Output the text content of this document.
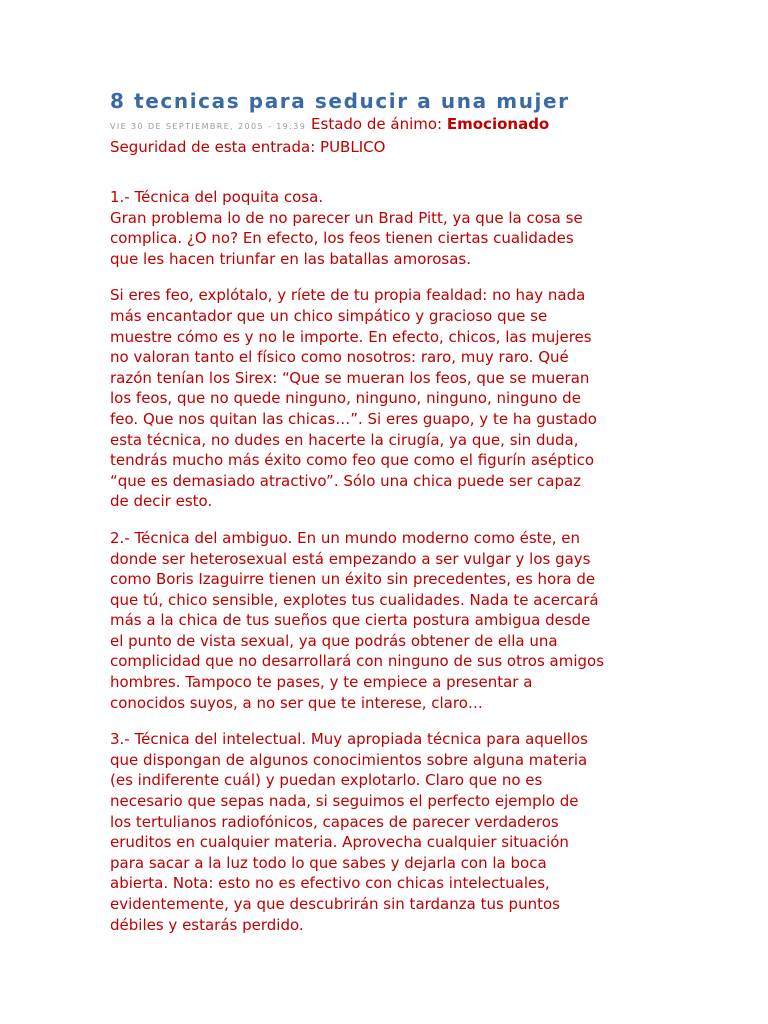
8 tecnicas para seducir a una mujer
VIE 30 DE SEPTIEMBRE, 2005 - 19:39 Estado de ánimo: Emocionado
Seguridad de esta entrada: PUBLICO
1.- Técnica del poquita cosa.
Gran problema lo de no parecer un Brad Pitt, ya que la cosa se
complica. ¿O no? En efecto, los feos tienen ciertas cualidades
que les hacen triunfar en las batallas amorosas.
Si eres feo, explótalo, y ríete de tu propia fealdad: no hay nada
más encantador que un chico simpático y gracioso que se
muestre cómo es y no le importe. En efecto, chicos, las mujeres
no valoran tanto el físico como nosotros: raro, muy raro. Qué
razón tenían los Sirex: “Que se mueran los feos, que se mueran
los feos, que no quede ninguno, ninguno, ninguno, ninguno de
feo. Que nos quitan las chicas…”. Si eres guapo, y te ha gustado
esta técnica, no dudes en hacerte la cirugía, ya que, sin duda,
tendrás mucho más éxito como feo que como el figurín aséptico
“que es demasiado atractivo”. Sólo una chica puede ser capaz
de decir esto.
2.- Técnica del ambiguo. En un mundo moderno como éste, en
donde ser heterosexual está empezando a ser vulgar y los gays
como Boris Izaguirre tienen un éxito sin precedentes, es hora de
que tú, chico sensible, explotes tus cualidades. Nada te acercará
más a la chica de tus sueños que cierta postura ambigua desde
el punto de vista sexual, ya que podrás obtener de ella una
complicidad que no desarrollará con ninguno de sus otros amigos
hombres. Tampoco te pases, y te empiece a presentar a
conocidos suyos, a no ser que te interese, claro…
3.- Técnica del intelectual. Muy apropiada técnica para aquellos
que dispongan de algunos conocimientos sobre alguna materia
(es indiferente cuál) y puedan explotarlo. Claro que no es
necesario que sepas nada, si seguimos el perfecto ejemplo de
los tertulianos radiofónicos, capaces de parecer verdaderos
eruditos en cualquier materia. Aprovecha cualquier situación
para sacar a la luz todo lo que sabes y dejarla con la boca
abierta. Nota: esto no es efectivo con chicas intelectuales,
evidentemente, ya que descubrirán sin tardanza tus puntos
débiles y estarás perdido.
